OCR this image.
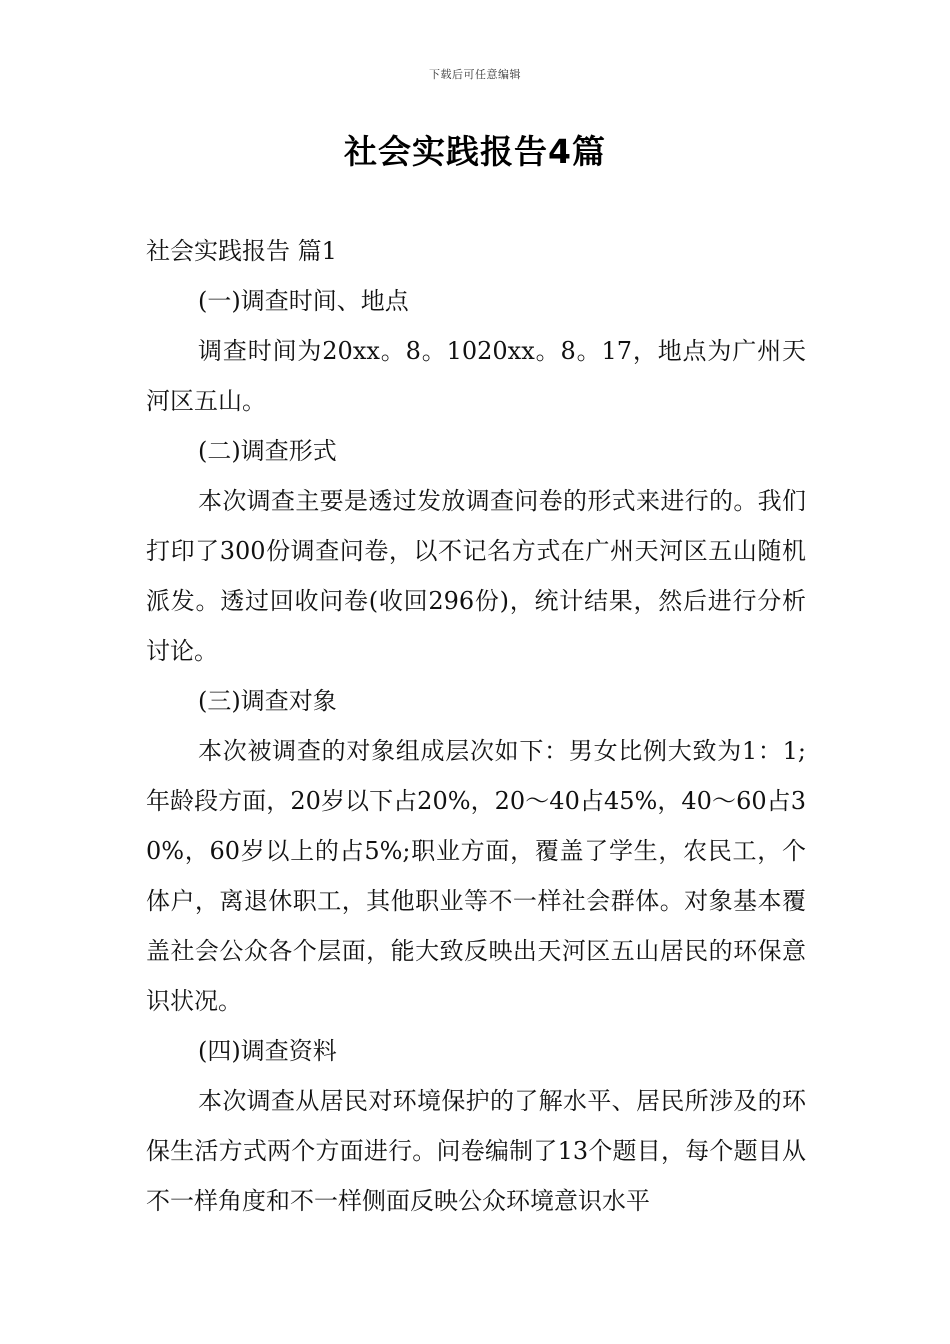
下载后可任意编辑
社会实践报告4篇

社会实践报告 篇1

(一)调查时间、地点

调查时间为20xx。8。1020xx。8。17，地点为广州天河区五山。

(二)调查形式

本次调查主要是透过发放调查问卷的形式来进行的。我们打印了300份调查问卷，以不记名方式在广州天河区五山随机派发。透过回收问卷(收回296份)，统计结果，然后进行分析讨论。

(三)调查对象

本次被调查的对象组成层次如下：男女比例大致为1：1;年龄段方面，20岁以下占20%，20～40占45%，40～60占30%，60岁以上的占5%;职业方面，覆盖了学生，农民工，个体户，离退休职工，其他职业等不一样社会群体。对象基本覆盖社会公众各个层面，能大致反映出天河区五山居民的环保意识状况。

(四)调查资料

本次调查从居民对环境保护的了解水平、居民所涉及的环保生活方式两个方面进行。问卷编制了13个题目，每个题目从不一样角度和不一样侧面反映公众环境意识水平
